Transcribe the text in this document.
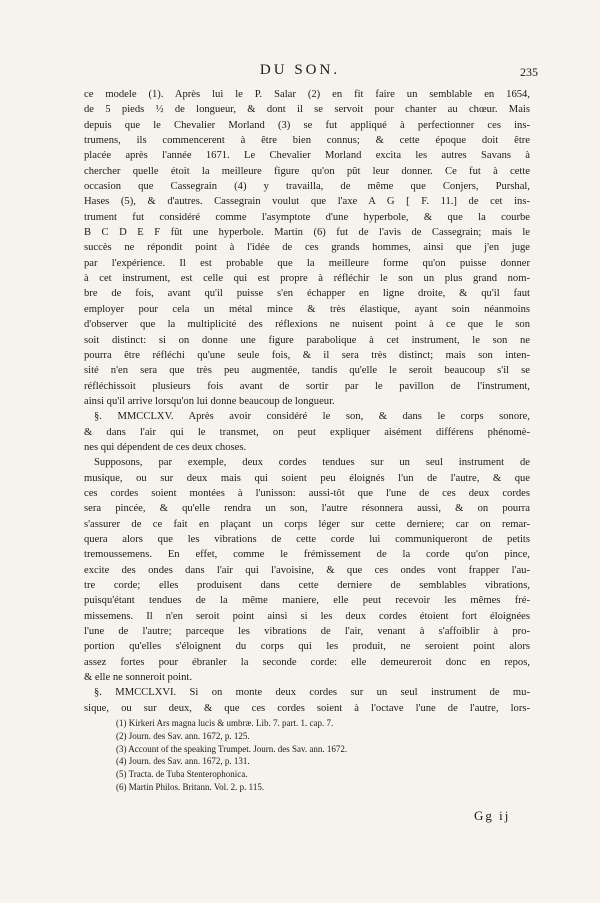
DU SON.	235
ce modele (1). Après lui le P. Salar (2) en fit faire un semblable en 1654,
de 5 pieds ½ de longueur, & dont il se servoit pour chanter au chœur. Mais
depuis que le Chevalier Morland (3) se fut appliqué à perfectionner ces ins-
trumens, ils commencerent à être bien connus; & cette époque doit être
placée après l'année 1671. Le Chevalier Morland excita les autres Savans à
chercher quelle étoit la meilleure figure qu'on pût leur donner. Ce fut à cette
occasion que Cassegrain (4) y travailla, de même que Conjers, Purshal,
Hases (5), & d'autres. Cassegrain voulut que l'axe A G [ F. 11.] de cet ins-
trument fut considéré comme l'asymptote d'une hyperbole, & que la courbe
B C D E F fût une hyperbole. Martin (6) fut de l'avis de Cassegrain; mais le
succès ne répondit point à l'idée de ces grands hommes, ainsi que j'en juge
par l'expérience. Il est probable que la meilleure forme qu'on puisse donner
à cet instrument, est celle qui est propre à réfléchir le son un plus grand nom-
bre de fois, avant qu'il puisse s'en échapper en ligne droite, & qu'il faut
employer pour cela un métal mince & très élastique, ayant soin néanmoins
d'observer que la multiplicité des réflexions ne nuisent point à ce que le son
soit distinct: si on donne une figure parabolique à cet instrument, le son ne
pourra être réfléchi qu'une seule fois, & il sera très distinct; mais son inten-
sité n'en sera que très peu augmentée, tandis qu'elle le seroit beaucoup s'il se
réfléchissoit plusieurs fois avant de sortir par le pavillon de l'instrument,
ainsi qu'il arrive lorsqu'on lui donne beaucoup de longueur.
§. MMCCLXV. Après avoir considéré le son, & dans le corps sonore,
& dans l'air qui le transmet, on peut expliquer aisément différens phénomè-
nes qui dépendent de ces deux choses.
Supposons, par exemple, deux cordes tendues sur un seul instrument de
musique, ou sur deux mais qui soient peu éloignés l'un de l'autre, & que
ces cordes soient montées à l'unisson: aussi-tôt que l'une de ces deux cordes
sera pincée, & qu'elle rendra un son, l'autre résonnera aussi, & on pourra
s'assurer de ce fait en plaçant un corps léger sur cette derniere; car on remar-
quera alors que les vibrations de cette corde lui communiqueront de petits
tremoussemens. En effet, comme le frémissement de la corde qu'on pince,
excite des ondes dans l'air qui l'avoisine, & que ces ondes vont frapper l'au-
tre corde; elles produisent dans cette derniere de semblables vibrations,
puisqu'étant tendues de la même maniere, elle peut recevoir les mêmes fré-
missemens. Il n'en seroit point ainsi si les deux cordes étoient fort éloignées
l'une de l'autre; parceque les vibrations de l'air, venant à s'affoiblir à pro-
portion qu'elles s'éloignent du corps qui les produit, ne seroient point alors
assez fortes pour ébranler la seconde corde: elle demeureroit donc en repos,
& elle ne sonneroit point.
§. MMCCLXVI. Si on monte deux cordes sur un seul instrument de mu-
sique, ou sur deux, & que ces cordes soient à l'octave l'une de l'autre, lors-
(1) Kirkeri Ars magna lucis & umbræ. Lib. 7. part. 1. cap. 7.
(2) Journ. des Sav. ann. 1672, p. 125.
(3) Account of the speaking Trumpet. Journ. des Sav. ann. 1672.
(4) Journ. des Sav. ann. 1672, p. 131.
(5) Tracta. de Tuba Stenterophonica.
(6) Martin Philos. Britann. Vol. 2. p. 115.
Gg ij
